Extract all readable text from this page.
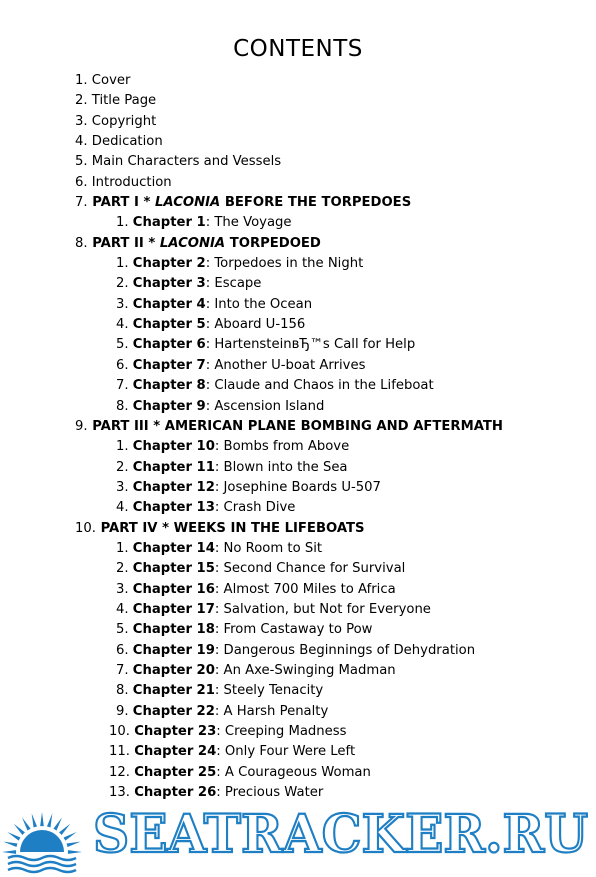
CONTENTS
1. Cover
2. Title Page
3. Copyright
4. Dedication
5. Main Characters and Vessels
6. Introduction
7. PART I * LACONIA BEFORE THE TORPEDOES
1. Chapter 1: The Voyage
8. PART II * LACONIA TORPEDOED
1. Chapter 2: Torpedoes in the Night
2. Chapter 3: Escape
3. Chapter 4: Into the Ocean
4. Chapter 5: Aboard U-156
5. Chapter 6: HartensteinвЂ™s Call for Help
6. Chapter 7: Another U-boat Arrives
7. Chapter 8: Claude and Chaos in the Lifeboat
8. Chapter 9: Ascension Island
9. PART III * AMERICAN PLANE BOMBING AND AFTERMATH
1. Chapter 10: Bombs from Above
2. Chapter 11: Blown into the Sea
3. Chapter 12: Josephine Boards U-507
4. Chapter 13: Crash Dive
10. PART IV * WEEKS IN THE LIFEBOATS
1. Chapter 14: No Room to Sit
2. Chapter 15: Second Chance for Survival
3. Chapter 16: Almost 700 Miles to Africa
4. Chapter 17: Salvation, but Not for Everyone
5. Chapter 18: From Castaway to Pow
6. Chapter 19: Dangerous Beginnings of Dehydration
7. Chapter 20: An Axe-Swinging Madman
8. Chapter 21: Steely Tenacity
9. Chapter 22: A Harsh Penalty
10. Chapter 23: Creeping Madness
11. Chapter 24: Only Four Were Left
12. Chapter 25: A Courageous Woman
13. Chapter 26: Precious Water
SEATRACKER.RU
